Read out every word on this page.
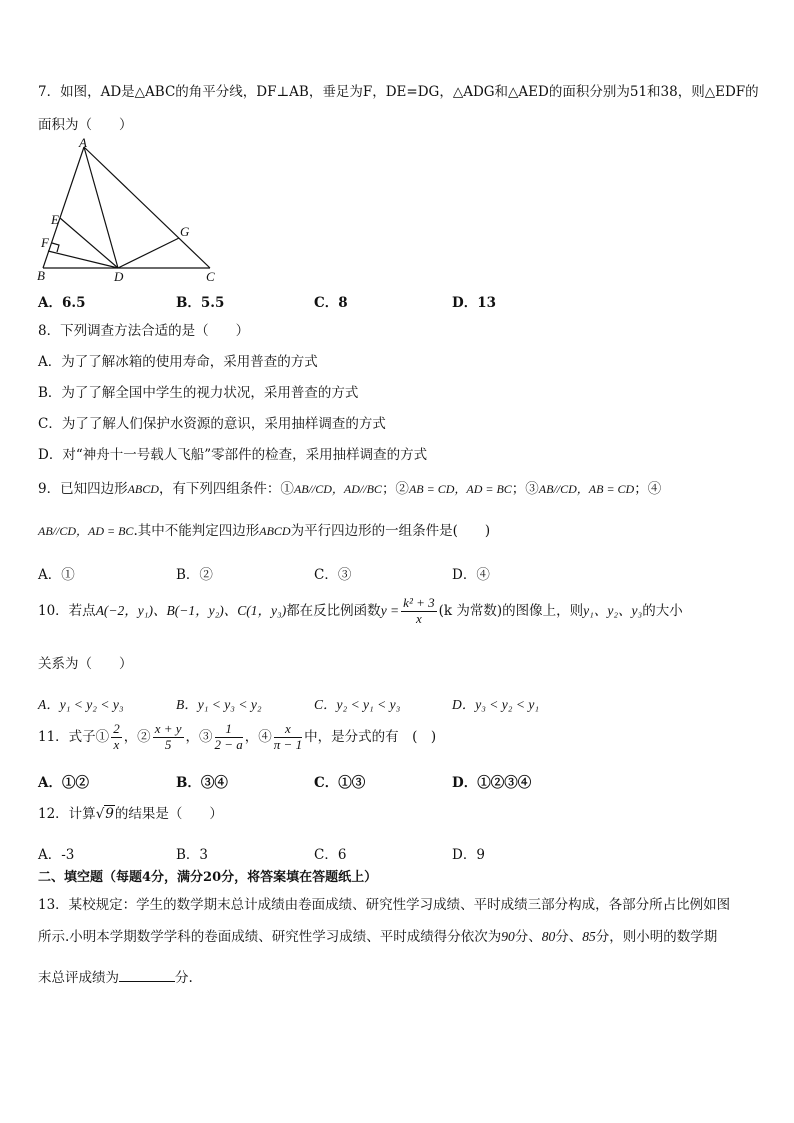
7．如图，AD是△ABC的角平分线，DF⊥AB，垂足为F，DE=DG，△ADG和△AED的面积分别为51和38，则△EDF的
面积为（　　）
A
E
F
B	D	C
G
A．6.5	B．5.5	C．8	D．13
8．下列调查方法合适的是（　　）
A．为了了解冰箱的使用寿命，采用普查的方式
B．为了了解全国中学生的视力状况，采用普查的方式
C．为了了解人们保护水资源的意识，采用抽样调查的方式
D．对“神舟十一号载人飞船”零部件的检查，采用抽样调查的方式
9．已知四边形ABCD，有下列四组条件：①AB//CD，AD//BC；②AB = CD，AD = BC；③AB//CD，AB = CD；④
AB//CD，AD = BC.其中不能判定四边形ABCD为平行四边形的一组条件是(　　)
A．①	B．②	C．③	D．④
10．若点A(−2，y₁)、B(−1，y₂)、C(1，y₃)都在反比例函数$y = \frac{\text{k² + 3}}{x} (k$ 为常数)的图像上，则y₁、y₂、y₃的大小
关系为（　　）
A．y₁ < y₂ < y₃	B．y₁ < y₃ < y₂	C．y₂ < y₁ < y₃	D．y₃ < y₂ < y₁
11．式子① $\frac{2}{x}$ ，② $\frac{x + y}{5}$ ，③ $\frac{1}{2 - a}$ ，④ $\frac{x}{\pi - 1}$ 中，是分式的有　(　)
A．①②	B．③④	C．①③	D．①②③④
12．计算√9的结果是（　　）
A．-3	B．3	C．6	D．9
二、填空题（每题4分，满分20分，将答案填在答题纸上）
13．某校规定：学生的数学期末总计成绩由卷面成绩、研究性学习成绩、平时成绩三部分构成，各部分所占比例如图
所示.小明本学期数学学科的卷面成绩、研究性学习成绩、平时成绩得分依次为90分、80分、85分，则小明的数学期
末总评成绩为	分.
